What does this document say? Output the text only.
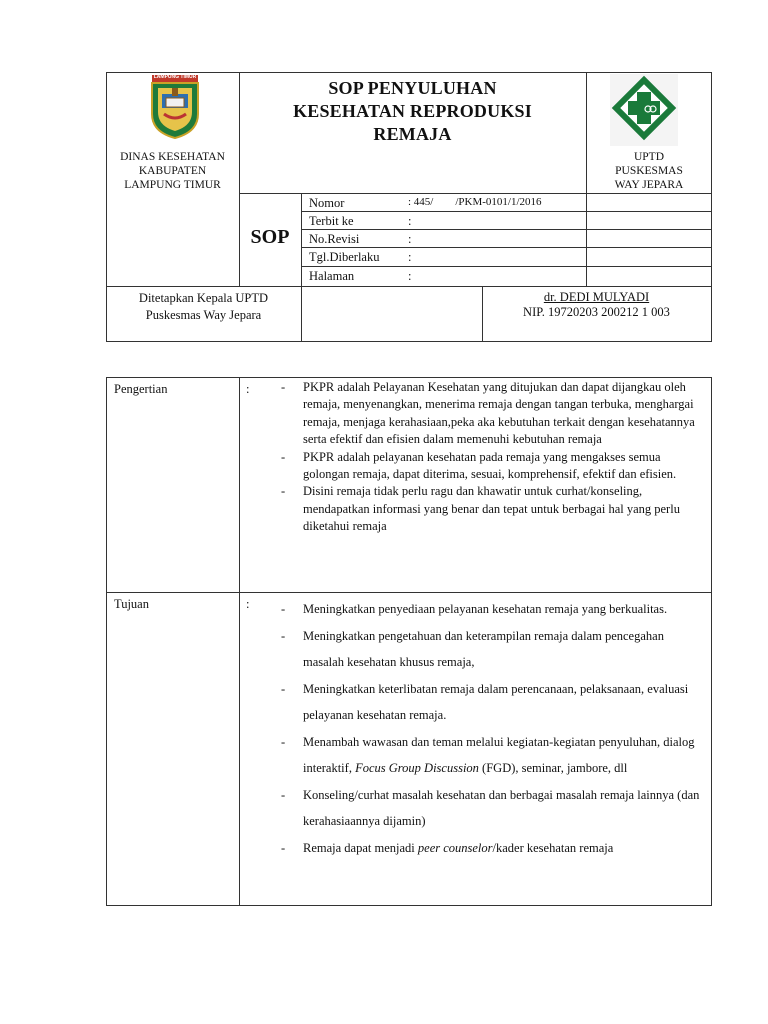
LAMPUNG TIMUR
DINAS KESEHATAN
KABUPATEN
LAMPUNG TIMUR
SOP PENYULUHAN
KESEHATAN REPRODUKSI
REMAJA
UPTD
PUSKESMAS
WAY JEPARA
SOP
Nomor	: 445/        /PKM-0101/1/2016
Terbit ke	:
No.Revisi	:
Tgl.Diberlaku :
Halaman	:
Ditetapkan Kepala UPTD
Puskesmas Way Jepara
dr. DEDI MULYADI
NIP. 19720203 200212 1 003
Pengertian	:	- PKPR adalah Pelayanan Kesehatan yang ditujukan dan dapat dijangkau oleh remaja, menyenangkan, menerima remaja dengan tangan terbuka, menghargai remaja, menjaga kerahasiaan,peka aka kebutuhan terkait dengan kesehatannya serta efektif dan efisien dalam memenuhi kebutuhan remaja
- PKPR adalah pelayanan kesehatan pada remaja yang mengakses semua golongan remaja, dapat diterima, sesuai, komprehensif, efektif dan efisien.
- Disini remaja tidak perlu ragu dan khawatir untuk curhat/konseling, mendapatkan informasi yang benar dan tepat untuk berbagai hal yang perlu diketahui remaja
Tujuan	:	- Meningkatkan penyediaan pelayanan kesehatan remaja yang berkualitas.
- Meningkatkan pengetahuan dan keterampilan remaja dalam pencegahan masalah kesehatan khusus remaja,
- Meningkatkan keterlibatan remaja dalam perencanaan, pelaksanaan, evaluasi pelayanan kesehatan remaja.
- Menambah wawasan dan teman melalui kegiatan-kegiatan penyuluhan, dialog interaktif, Focus Group Discussion (FGD), seminar, jambore, dll
- Konseling/curhat masalah kesehatan dan berbagai masalah remaja lainnya (dan kerahasiaannya dijamin)
- Remaja dapat menjadi peer counselor/kader kesehatan remaja
